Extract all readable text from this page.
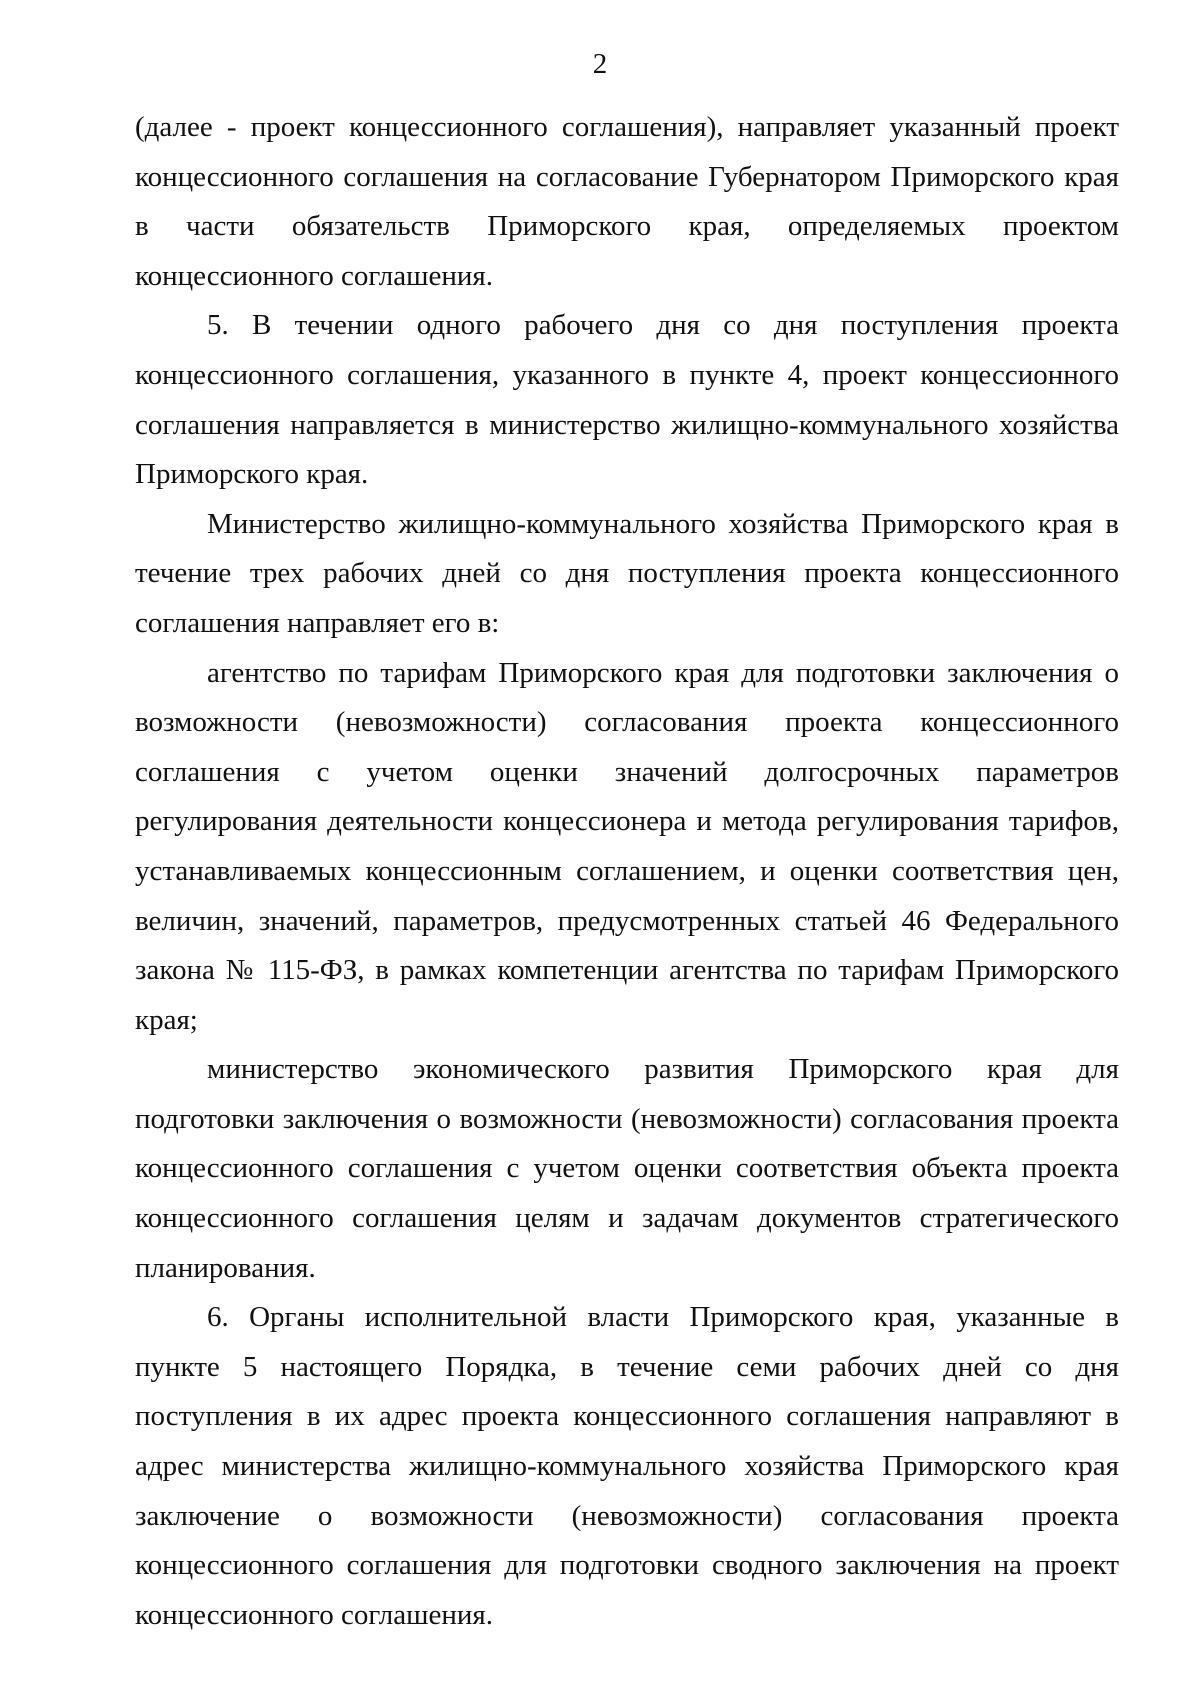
2

(далее - проект концессионного соглашения), направляет указанный проект концессионного соглашения на согласование Губернатором Приморского края в части обязательств Приморского края, определяемых проектом концессионного соглашения.

5. В течении одного рабочего дня со дня поступления проекта концессионного соглашения, указанного в пункте 4, проект концессионного соглашения направляется в министерство жилищно-коммунального хозяйства Приморского края.

Министерство жилищно-коммунального хозяйства Приморского края в течение трех рабочих дней со дня поступления проекта концессионного соглашения направляет его в:

агентство по тарифам Приморского края для подготовки заключения о возможности (невозможности) согласования проекта концессионного соглашения с учетом оценки значений долгосрочных параметров регулирования деятельности концессионера и метода регулирования тарифов, устанавливаемых концессионным соглашением, и оценки соответствия цен, величин, значений, параметров, предусмотренных статьей 46 Федерального закона № 115-ФЗ, в рамках компетенции агентства по тарифам Приморского края;

министерство экономического развития Приморского края для подготовки заключения о возможности (невозможности) согласования проекта концессионного соглашения с учетом оценки соответствия объекта проекта концессионного соглашения целям и задачам документов стратегического планирования.

6. Органы исполнительной власти Приморского края, указанные в пункте 5 настоящего Порядка, в течение семи рабочих дней со дня поступления в их адрес проекта концессионного соглашения направляют в адрес министерства жилищно-коммунального хозяйства Приморского края заключение о возможности (невозможности) согласования проекта концессионного соглашения для подготовки сводного заключения на проект концессионного соглашения.
